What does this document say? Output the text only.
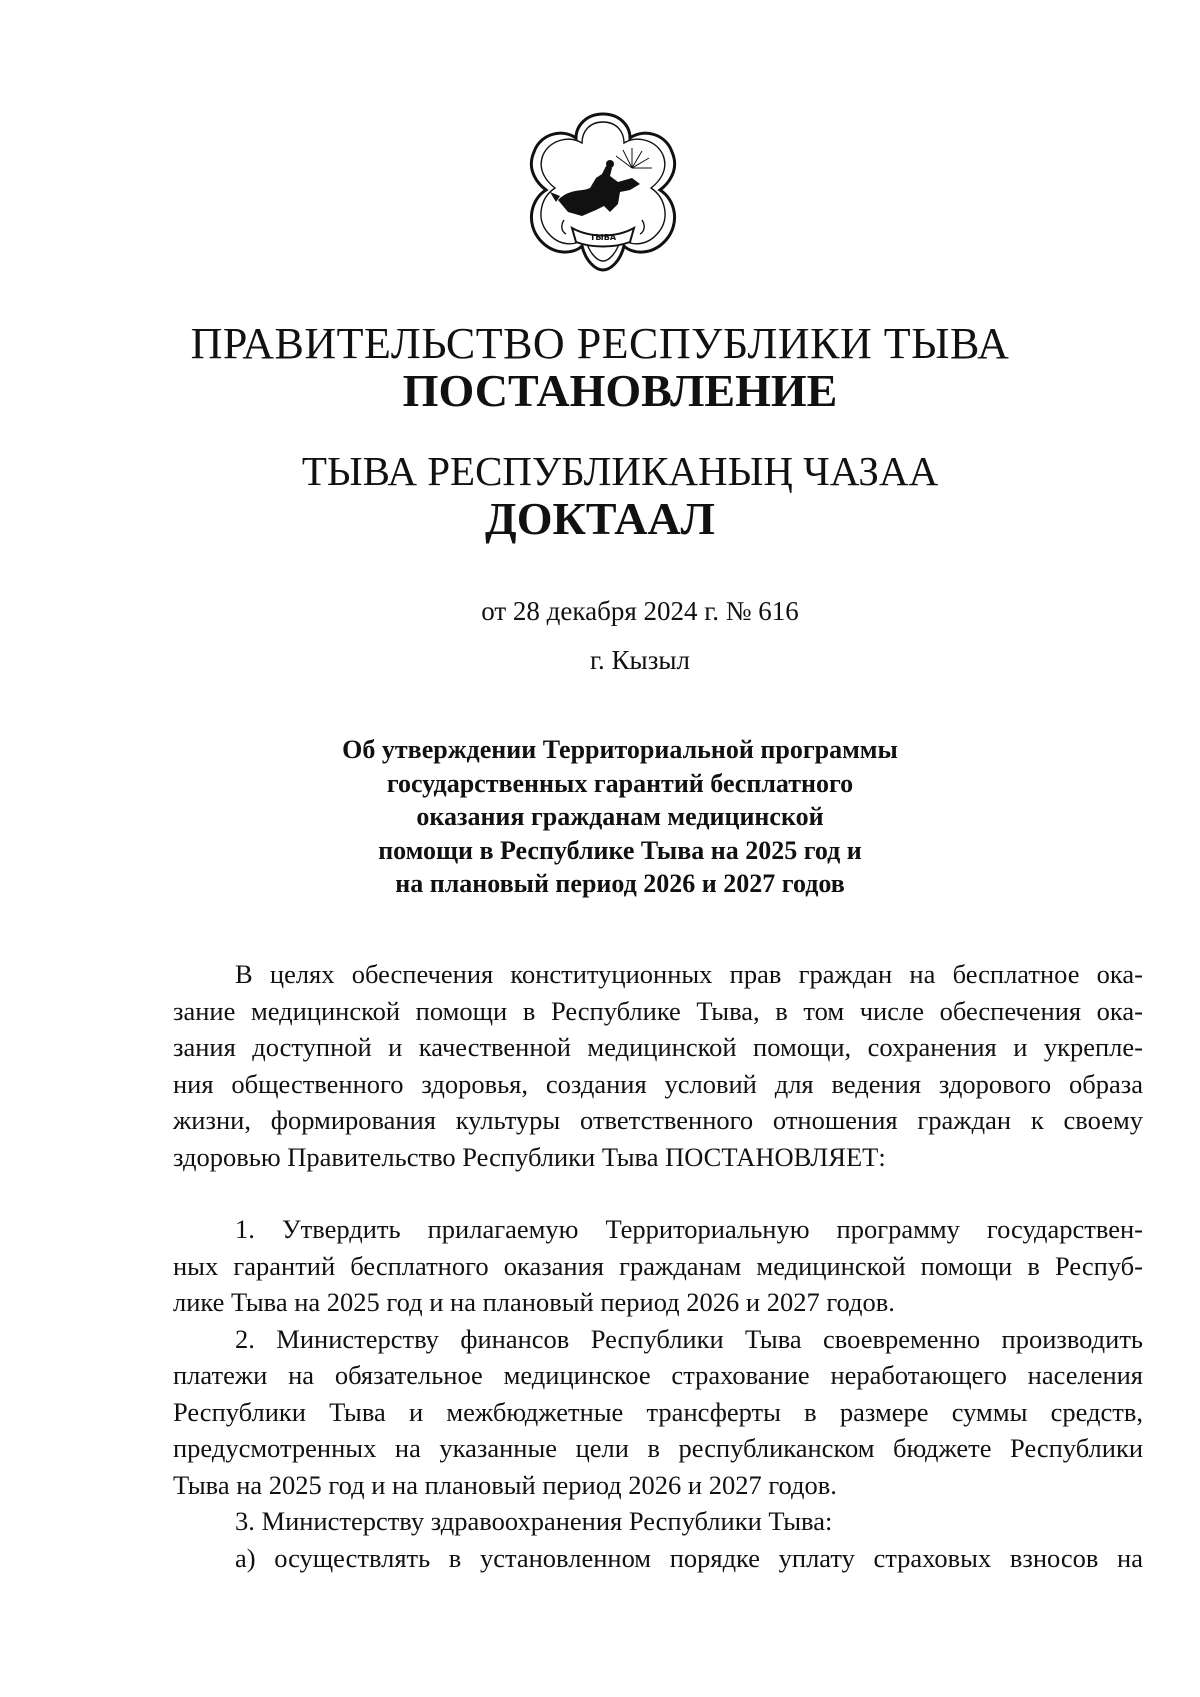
ТЫВА
ПРАВИТЕЛЬСТВО РЕСПУБЛИКИ ТЫВА
ПОСТАНОВЛЕНИЕ
ТЫВА РЕСПУБЛИКАНЫҢ ЧАЗАА
ДОКТААЛ
от 28 декабря 2024 г. № 616
г. Кызыл
Об утверждении Территориальной программы
государственных гарантий бесплатного
оказания гражданам медицинской
помощи в Республике Тыва на 2025 год и
на плановый период 2026 и 2027 годов
В целях обеспечения конституционных прав граждан на бесплатное ока-
зание медицинской помощи в Республике Тыва, в том числе обеспечения ока-
зания доступной и качественной медицинской помощи, сохранения и укрепле-
ния общественного здоровья, создания условий для ведения здорового образа
жизни, формирования культуры ответственного отношения граждан к своему
здоровью Правительство Республики Тыва ПОСТАНОВЛЯЕТ:
1. Утвердить прилагаемую Территориальную программу государствен-
ных гарантий бесплатного оказания гражданам медицинской помощи в Респуб-
лике Тыва на 2025 год и на плановый период 2026 и 2027 годов.
2. Министерству финансов Республики Тыва своевременно производить
платежи на обязательное медицинское страхование неработающего населения
Республики Тыва и межбюджетные трансферты в размере суммы средств,
предусмотренных на указанные цели в республиканском бюджете Республики
Тыва на 2025 год и на плановый период 2026 и 2027 годов.
3. Министерству здравоохранения Республики Тыва:
а) осуществлять в установленном порядке уплату страховых взносов на
